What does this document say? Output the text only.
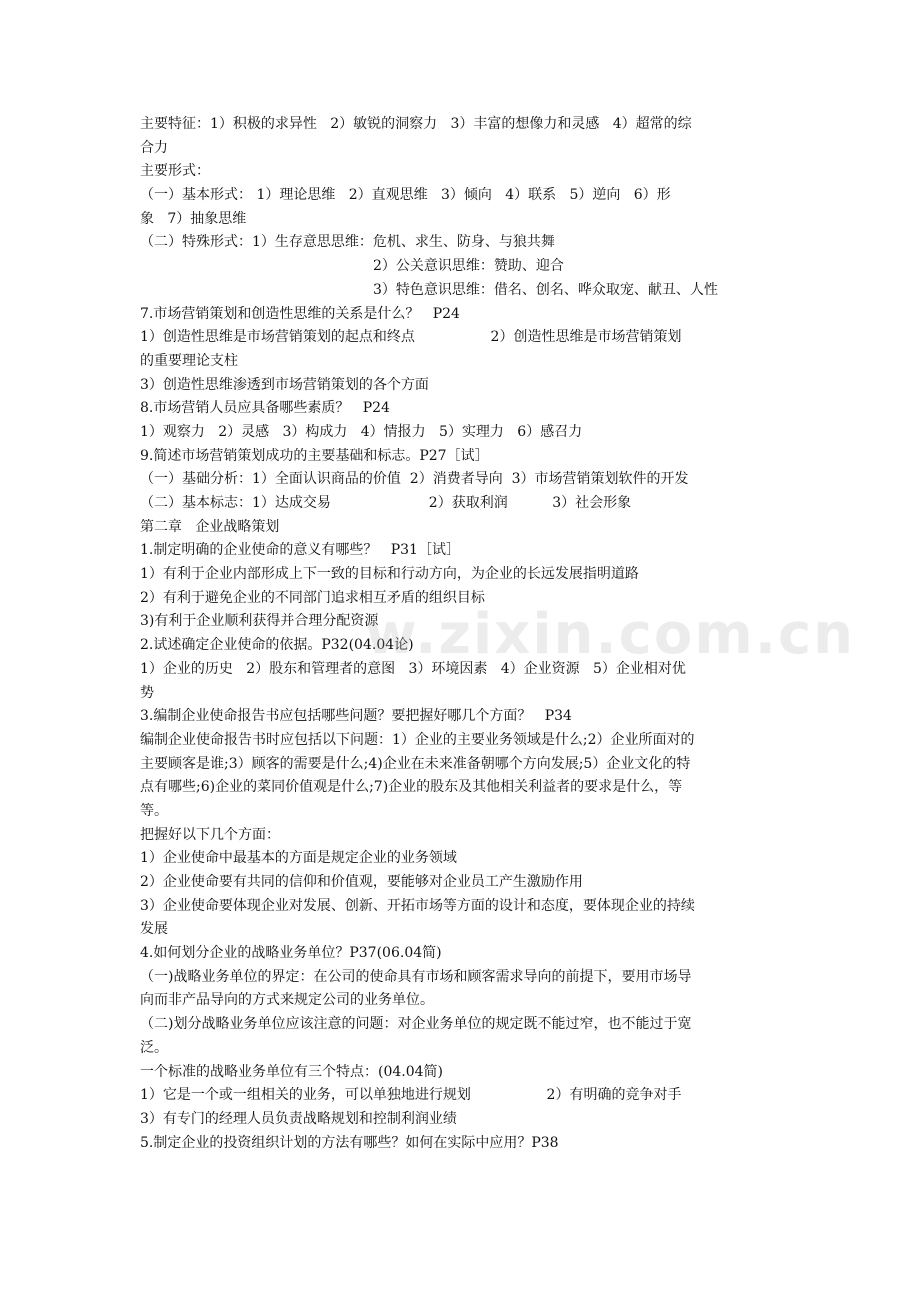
主要特征：1）积极的求异性   2）敏锐的洞察力   3）丰富的想像力和灵感   4）超常的综
合力
主要形式：
（一）基本形式： 1）理论思维   2）直观思维   3）倾向   4）联系   5）逆向   6）形
象   7）抽象思维
（二）特殊形式：1）生存意思思维：危机、求生、防身、与狼共舞
2）公关意识思维：赞助、迎合
3）特色意识思维：借名、创名、哗众取宠、献丑、人性
7.市场营销策划和创造性思维的关系是什么？   P24
1）创造性思维是市场营销策划的起点和终点                 2）创造性思维是市场营销策划
的重要理论支柱
3）创造性思维渗透到市场营销策划的各个方面
8.市场营销人员应具备哪些素质？   P24
1）观察力   2）灵感   3）构成力   4）情报力   5）实理力   6）感召力
9.简述市场营销策划成功的主要基础和标志。P27［试］
（一）基础分析：1）全面认识商品的价值  2）消费者导向  3）市场营销策划软件的开发
（二）基本标志：1）达成交易                      2）获取利润          3）社会形象
第二章   企业战略策划
1.制定明确的企业使命的意义有哪些？   P31［试］
1）有利于企业内部形成上下一致的目标和行动方向，为企业的长远发展指明道路
2）有利于避免企业的不同部门追求相互矛盾的组织目标
3)有利于企业顺利获得并合理分配资源
2.试述确定企业使命的依据。P32(04.04论)
1）企业的历史   2）股东和管理者的意图   3）环境因素   4）企业资源   5）企业相对优
势
3.编制企业使命报告书应包括哪些问题？要把握好哪几个方面？   P34
编制企业使命报告书时应包括以下问题：1）企业的主要业务领域是什么;2）企业所面对的
主要顾客是谁;3）顾客的需要是什么;4)企业在未来准备朝哪个方向发展;5）企业文化的特
点有哪些;6)企业的菜同价值观是什么;7)企业的股东及其他相关利益者的要求是什么，等
等。
把握好以下几个方面：
1）企业使命中最基本的方面是规定企业的业务领域
2）企业使命要有共同的信仰和价值观，要能够对企业员工产生激励作用
3）企业使命要体现企业对发展、创新、开拓市场等方面的设计和态度，要体现企业的持续
发展
4.如何划分企业的战略业务单位？P37(06.04简)
（一)战略业务单位的界定：在公司的使命具有市场和顾客需求导向的前提下，要用市场导
向而非产品导向的方式来规定公司的业务单位。
（二)划分战略业务单位应该注意的问题：对企业务单位的规定既不能过窄，也不能过于宽
泛。
一个标准的战略业务单位有三个特点：(04.04简)
1）它是一个或一组相关的业务，可以单独地进行规划                 2）有明确的竞争对手
3）有专门的经理人员负责战略规划和控制利润业绩
5.制定企业的投资组织计划的方法有哪些？如何在实际中应用？P38
w.zixin.com.cn
